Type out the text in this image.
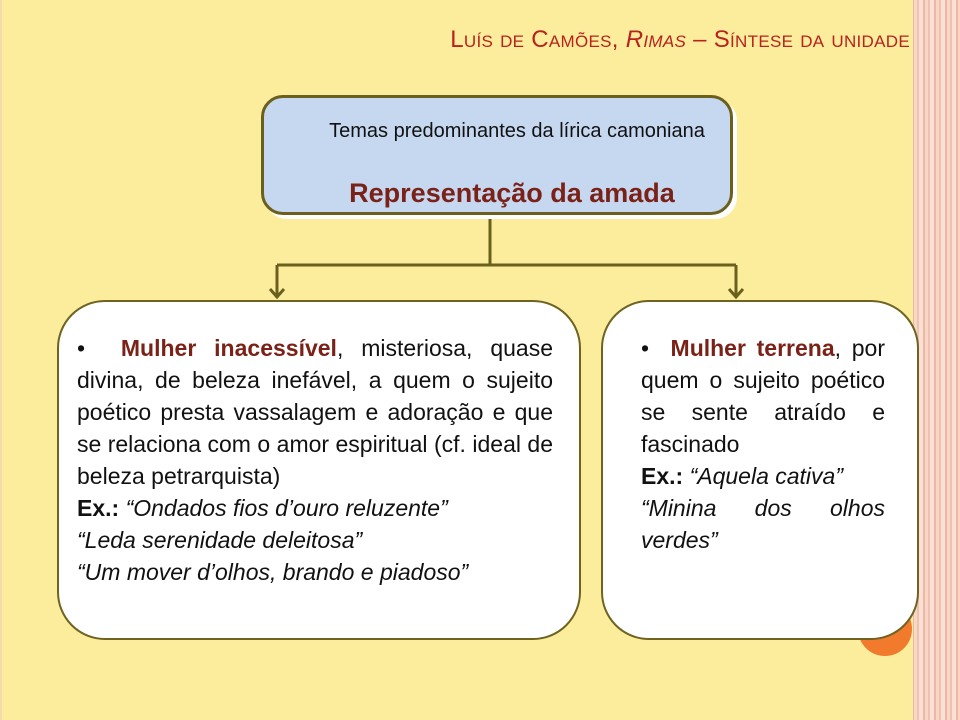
Luís de Camões, Rimas – Síntese da unidade
Temas predominantes da lírica camoniana
Representação da amada
• Mulher inacessível, misteriosa, quase divina, de beleza inefável, a quem o sujeito poético presta vassalagem e adoração e que se relaciona com o amor espiritual (cf. ideal de beleza petrarquista)
Ex.: “Ondados fios d’ouro reluzente”
“Leda serenidade deleitosa”
“Um mover d’olhos, brando e piadoso”
• Mulher terrena, por quem o sujeito poético se sente atraído e fascinado
Ex.: “Aquela cativa”
“Minina dos olhos verdes”
